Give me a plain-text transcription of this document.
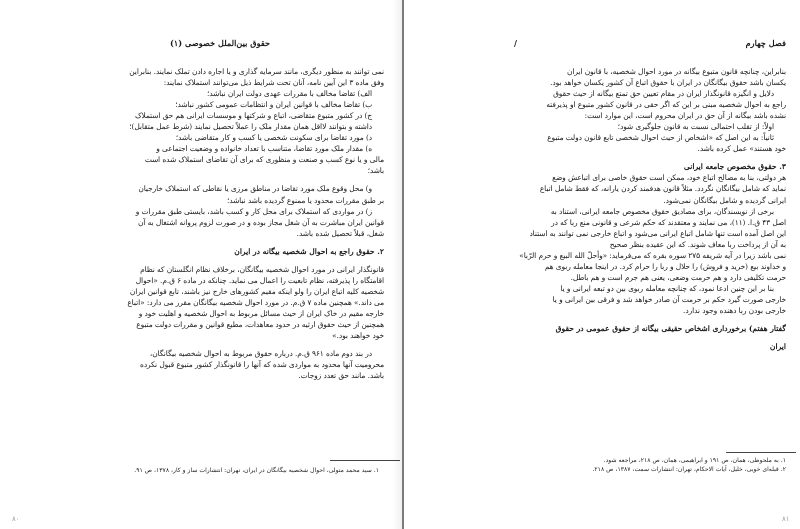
حقوق بین‌الملل خصوصی (۱)

نمی توانند به منظور دیگری، مانند سرمایه گذاری و یا اجاره دادن تملک نمایند. بنابراین

وفق ماده ۳ این آیین نامه، آنان تحت شرایط ذیل می‌توانند استملاک نمایند:

الف) تقاضا مخالف با مقررات عهدی دولت ایران نباشد؛

ب) تقاضا مخالف با قوانین ایران و انتظامات عمومی کشور نباشد؛

ج) در کشور متبوع متقاضی، اتباع و شرکتها و موسسات ایرانی هم حق استملاک

داشته و بتوانند لااقل همان مقدار ملک را عملاً تحصیل نمایند (شرط عمل متقابل)؛

د) مورد تقاضا برای سکونت شخصی یا کسب و کار متقاضی باشد؛

ه) مقدار ملک مورد تقاضا، متناسب با تعداد خانواده و وضعیت اجتماعی و

مالی و یا نوع کسب و صنعت و منظوری که برای آن تقاضای استملاک شده است

باشد؛

و) محل وقوع ملک مورد تقاضا در مناطق مرزی یا نقاطی که استملاک خارجیان

بر طبق مقررات محدود یا ممنوع گردیده باشد نباشد؛

ز) در مواردی که استملاک برای محل کار و کسب باشد، بایستی طبق مقررات و

قوانین ایران مباشرت به آن شغل مجاز بوده و در صورت لزوم پروانه اشتغال به آن

شغل، قبلاً تحصیل شده باشد.

۲. حقوق راجع به احوال شخصیه بیگانه در ایران

قانونگذار ایرانی در مورد احوال شخصیه بیگانگان، برخلاف نظام انگلستان که نظام

اقامتگاه را پذیرفته، نظام تابعیت را اعمال می نماید. چنانکه در ماده ۶ ق.م. «احوال

شخصیه کلیه اتباع ایران را ولو اینکه مقیم کشورهای خارج نیز باشند، تابع قوانین ایران

می داند.» همچنین ماده ۷ ق.م. در مورد احوال شخصیه بیگانگان مقرر می دارد: «اتباع

خارجه مقیم در خاک ایران از حیث مسائل مربوط به احوال شخصیه و اهلیت خود و

همچنین از حیث حقوق ارثیه در حدود معاهدات، مطیع قوانین و مقررات دولت متبوع

خود خواهند بود.»

در بند دوم ماده ۹۶۱ ق.م. درباره حقوق مربوط به احوال شخصیه بیگانگان،

محرومیت آنها محدود به مواردی شده که آنها را قانونگذار کشور متبوع قبول نکرده

باشد. مانند حق تعدد زوجات.

۱. سید محمد متولی، احوال شخصیه بیگانگان در ایران، تهران: انتشارات ساز و کار، ۱۳۷۸، ص ۹۱.
٨٠
فصل چهارم

بنابراین، چنانچه قانون متبوع بیگانه در مورد احوال شخصیه، با قانون ایران

یکسان باشد حقوق بیگانگان در ایران با حقوق اتباع آن کشور یکسان خواهد بود.

دلایل و انگیزه قانونگذار ایران در مقام تعیین حق تمتع بیگانه از حیث حقوق

راجع به احوال شخصیه مبنی بر این که اگر حقی در قانون کشور متبوع او پذیرفته

نشده باشد بیگانه از آن حق در ایران محروم است، این موارد است:

اولاً: از تقلب احتمالی نسبت به قانون جلوگیری شود؛

ثانیاً: به این اصل که «اشخاص از حیث احوال شخصی تابع قانون دولت متبوع

خود هستند» عمل کرده باشد.

۳. حقوق مخصوص جامعه ایرانی

هر دولتی، بنا به مصالح اتباع خود، ممکن است حقوق خاصی برای اتباعش وضع

نماید که شامل بیگانگان نگردد. مثلاً قانون هدفمند کردن یارانه، که فقط شامل اتباع

ایرانی گردیده و شامل بیگانگان نمی‌شود.

برخی از نویسندگان، برای مصادیق حقوق مخصوص جامعه ایرانی، استناد به

اصل ۴۳ ق.ا. (۱۱)، می نمایند و معتقدند که حکم شرعی و قانونی منع ربا که در

این اصل آمده است تنها شامل اتباع ایرانی می‌شود و اتباع خارجی نمی توانند به استناد

به آن از پرداخت ربا معاف شوند. که این عقیده بنظر صحیح

نمی باشد زیرا در آیه شریفه ۲۷۵ سوره بقره که می‌فرماید: «وأحلّ الله البیع و حرم الرّبا»

و خداوند بیع (خرید و فروش) را حلال و ربا را حرام کرد. در اینجا معامله ربوی هم

حرمت تکلیفی دارد و هم حرمت وضعی، یعنی هم جرم است و هم باطل.

بنا بر این چنین ادعا نمود، که چنانچه معامله ربوی بین دو تبعه ایرانی و یا

خارجی صورت گیرد حکم بر حرمت آن صادر خواهد شد و فرقی بین ایرانی و یا

خارجی بودن ربا دهنده وجود ندارد.

گفتار هفتم) برخورداری اشخاص حقیقی بیگانه از حقوق عمومی در حقوق

ایران

۱. به ملحوظی، همان، ص ۱۹۱ و ابراهیمی، همان، ص ۲۱۸، مراجعه شود.
۲. قبله‌ای خویی، خلیل، آیات الاحکام، تهران: انتشارات سمت، ۱۳۸۷، ص ۲۱۸.
٨١
/
